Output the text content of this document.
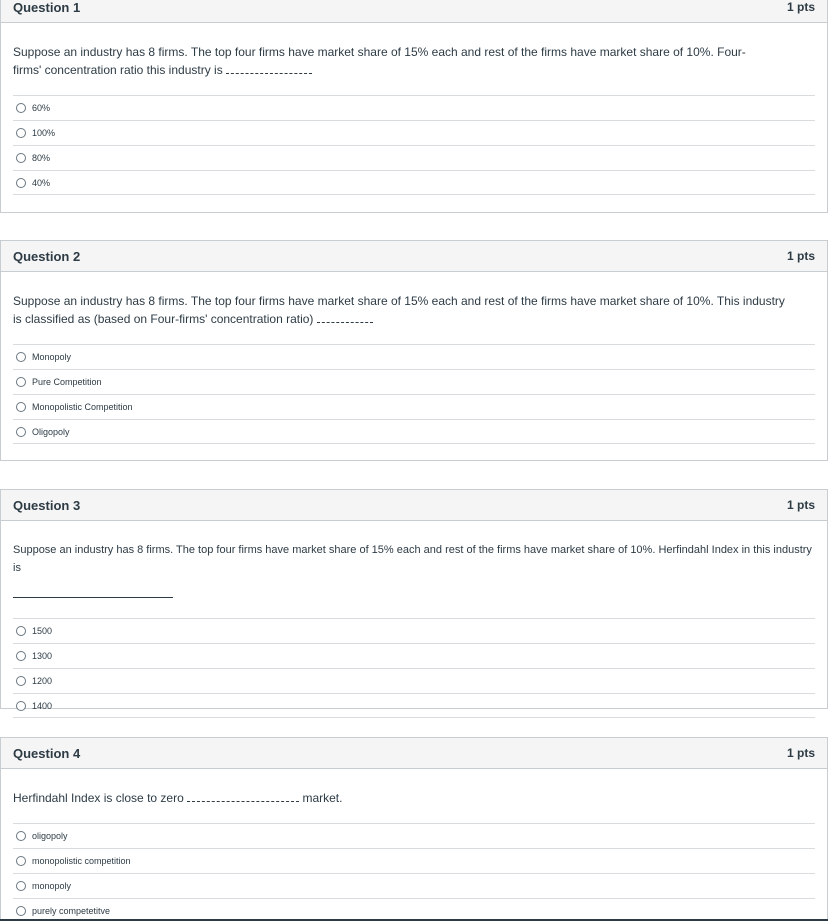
Question 1	1 pts

Suppose an industry has 8 firms. The top four firms have market share of 15% each and rest of the firms have market share of 10%. Four-firms' concentration ratio this industry is

60%
100%
80%
40%
Question 2	1 pts

Suppose an industry has 8 firms. The top four firms have market share of 15% each and rest of the firms have market share of 10%. This industry is classified as (based on Four-firms' concentration ratio)

Monopoly
Pure Competition
Monopolistic Competition
Oligopoly
Question 3	1 pts

Suppose an industry has 8 firms. The top four firms have market share of 15% each and rest of the firms have market share of 10%. Herfindahl Index in this industry is

1500
1300
1200
1400
Question 4	1 pts

Herfindahl Index is close to zero	market.

oligopoly
monopolistic competition
monopoly
purely competetitve
